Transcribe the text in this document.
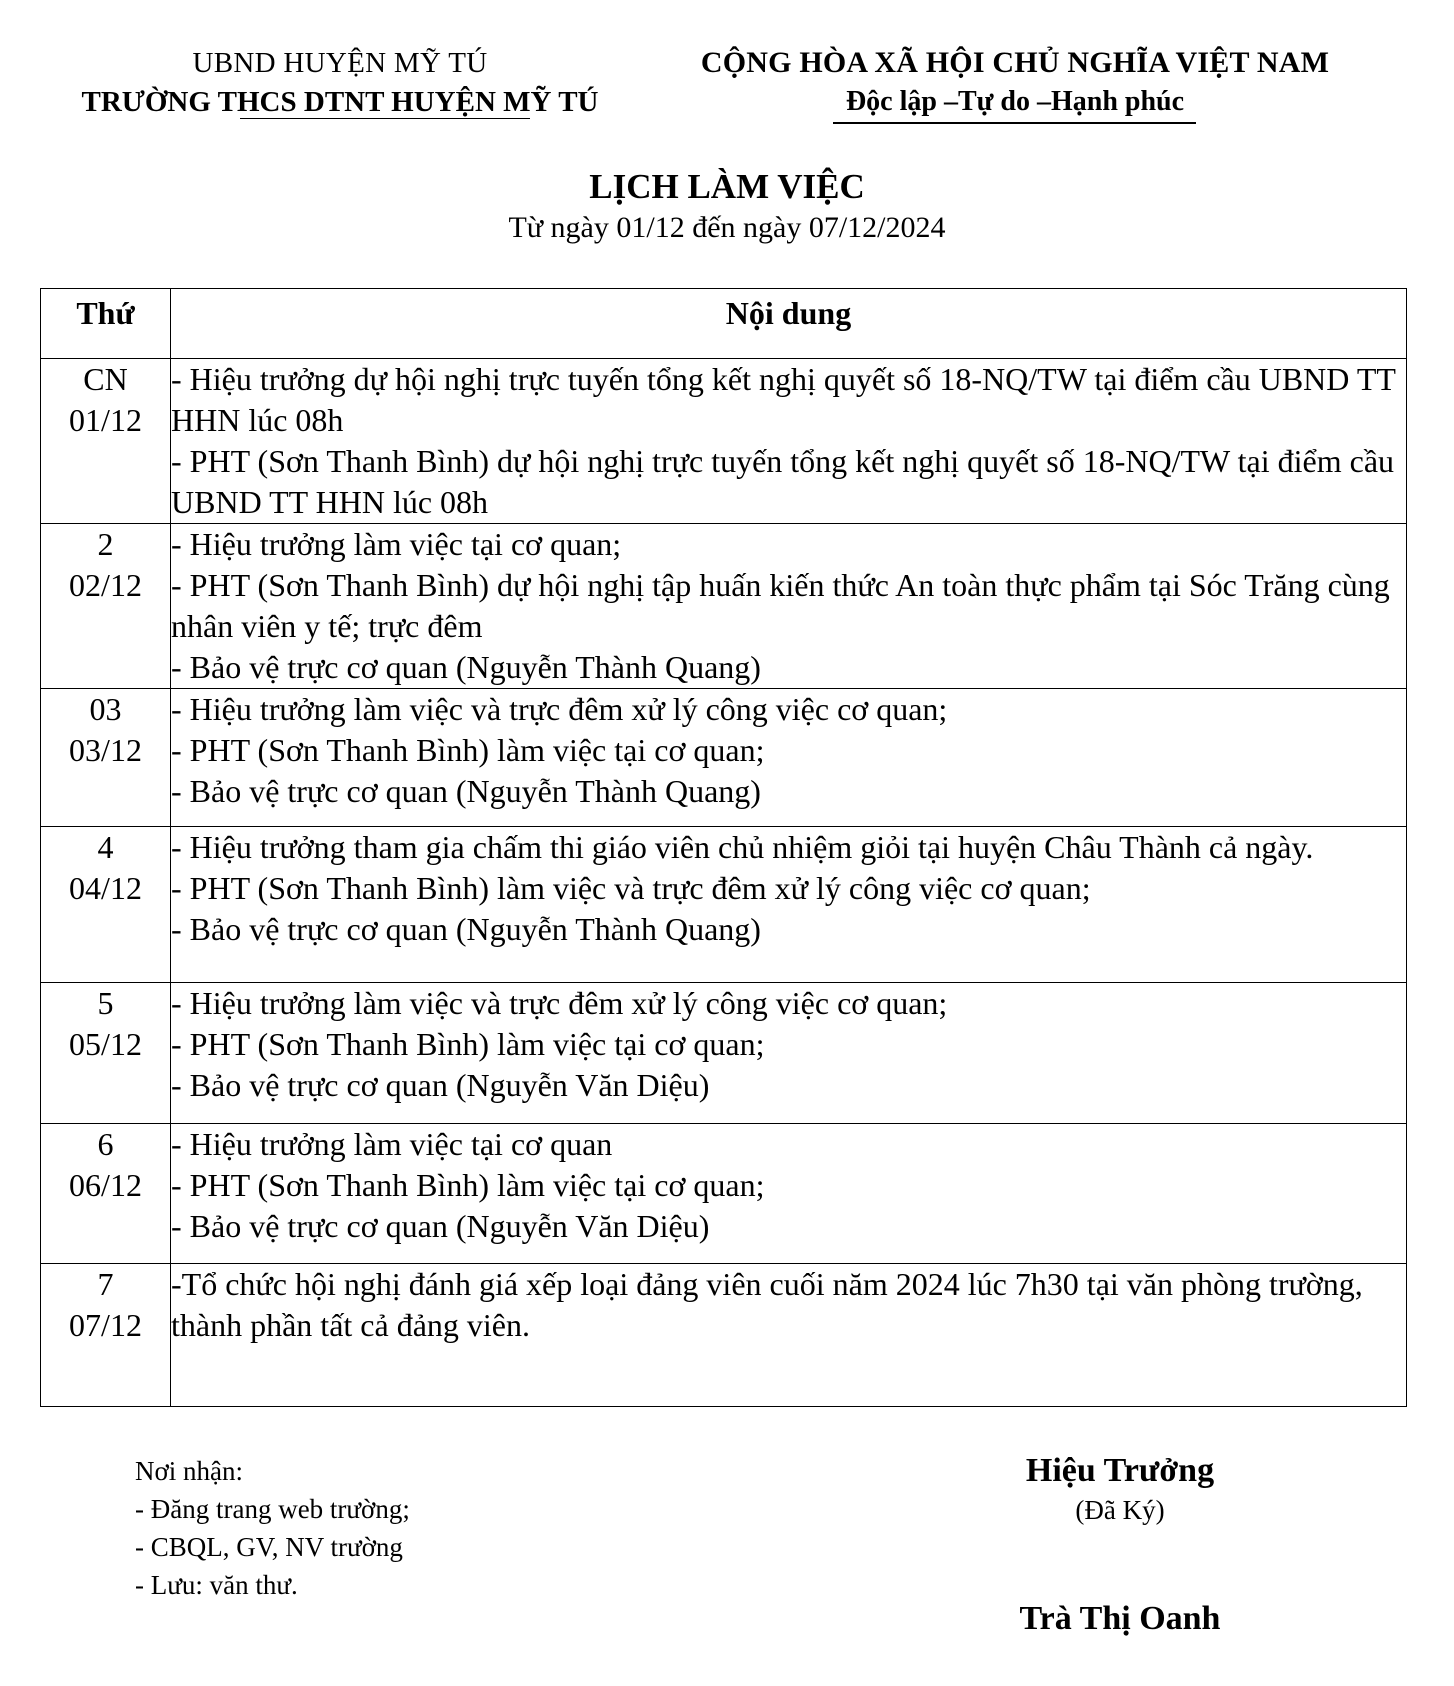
UBND HUYỆN MỸ TÚ
TRƯỜNG THCS DTNT HUYỆN MỸ TÚ
CỘNG HÒA XÃ HỘI CHỦ NGHĨA VIỆT NAM
Độc lập –Tự do –Hạnh phúc
LỊCH LÀM VIỆC
Từ ngày 01/12 đến ngày 07/12/2024
Thứ	Nội dung

CN
01/12	- Hiệu trưởng dự hội nghị trực tuyến tổng kết nghị quyết số 18-NQ/TW tại điểm cầu UBND TT HHN lúc 08h
- PHT (Sơn Thanh Bình) dự hội nghị trực tuyến tổng kết nghị quyết số 18-NQ/TW tại điểm cầu UBND TT HHN lúc 08h

2
02/12	- Hiệu trưởng làm việc tại cơ quan;
- PHT (Sơn Thanh Bình) dự hội nghị tập huấn kiến thức An toàn thực phẩm tại Sóc Trăng cùng nhân viên y tế; trực đêm
- Bảo vệ trực cơ quan (Nguyễn Thành Quang)

03
03/12	- Hiệu trưởng làm việc và trực đêm xử lý công việc cơ quan;
- PHT (Sơn Thanh Bình) làm việc tại cơ quan;
- Bảo vệ trực cơ quan (Nguyễn Thành Quang)

4
04/12	- Hiệu trưởng tham gia chấm thi giáo viên chủ nhiệm giỏi tại huyện Châu Thành cả ngày.
- PHT (Sơn Thanh Bình) làm việc và trực đêm xử lý công việc cơ quan;
- Bảo vệ trực cơ quan (Nguyễn Thành Quang)

5
05/12	- Hiệu trưởng làm việc và trực đêm xử lý công việc cơ quan;
- PHT (Sơn Thanh Bình) làm việc tại cơ quan;
- Bảo vệ trực cơ quan (Nguyễn Văn Diệu)

6
06/12	- Hiệu trưởng làm việc tại cơ quan
- PHT (Sơn Thanh Bình) làm việc tại cơ quan;
- Bảo vệ trực cơ quan (Nguyễn Văn Diệu)

7
07/12	-Tổ chức hội nghị đánh giá xếp loại đảng viên cuối năm 2024 lúc 7h30 tại văn phòng trường, thành phần tất cả đảng viên.
Nơi nhận:
- Đăng trang web trường;
- CBQL, GV, NV trường
- Lưu: văn thư.
Hiệu Trưởng
(Đã Ký)
Trà Thị Oanh
